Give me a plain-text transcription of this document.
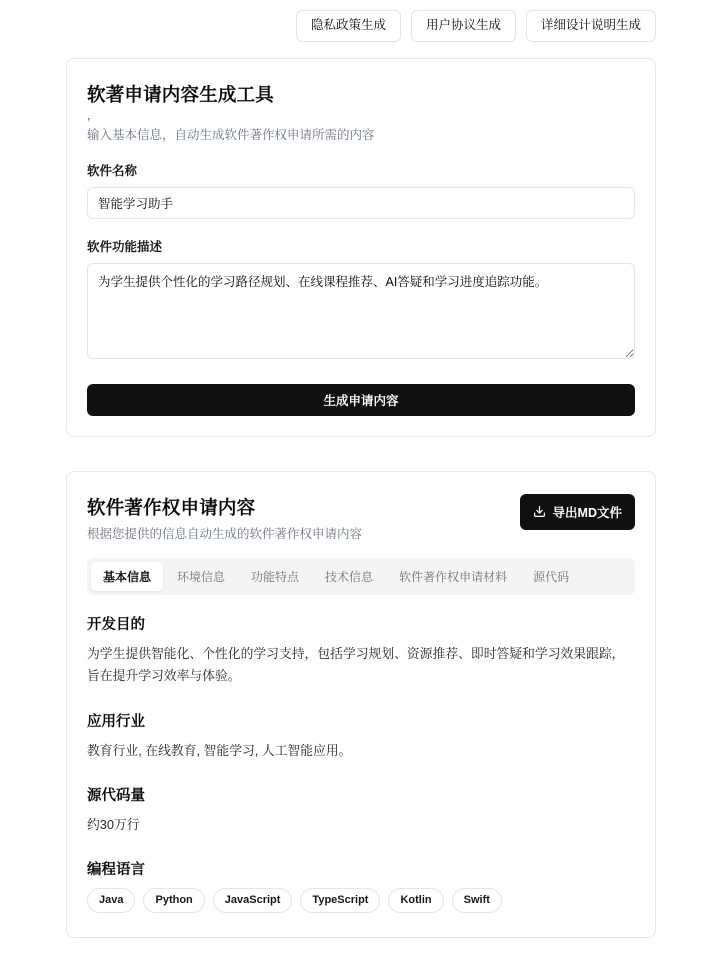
隐私政策生成	用户协议生成	详细设计说明生成
软著申请内容生成工具

，

输入基本信息，自动生成软件著作权申请所需的内容

软件名称
智能学习助手
软件功能描述
为学生提供个性化的学习路径规划、在线课程推荐、AI答疑和学习进度追踪功能。
生成申请内容
软件著作权申请内容

根据您提供的信息自动生成的软件著作权申请内容

导出MD文件
基本信息	环境信息	功能特点	技术信息	软件著作权申请材料	源代码
开发目的

为学生提供智能化、个性化的学习支持，包括学习规划、资源推荐、即时答疑和学习效果跟踪，旨在提升学习效率与体验。

应用行业

教育行业, 在线教育, 智能学习, 人工智能应用。

源代码量

约30万行

编程语言
Java	Python	JavaScript	TypeScript	Kotlin	Swift
